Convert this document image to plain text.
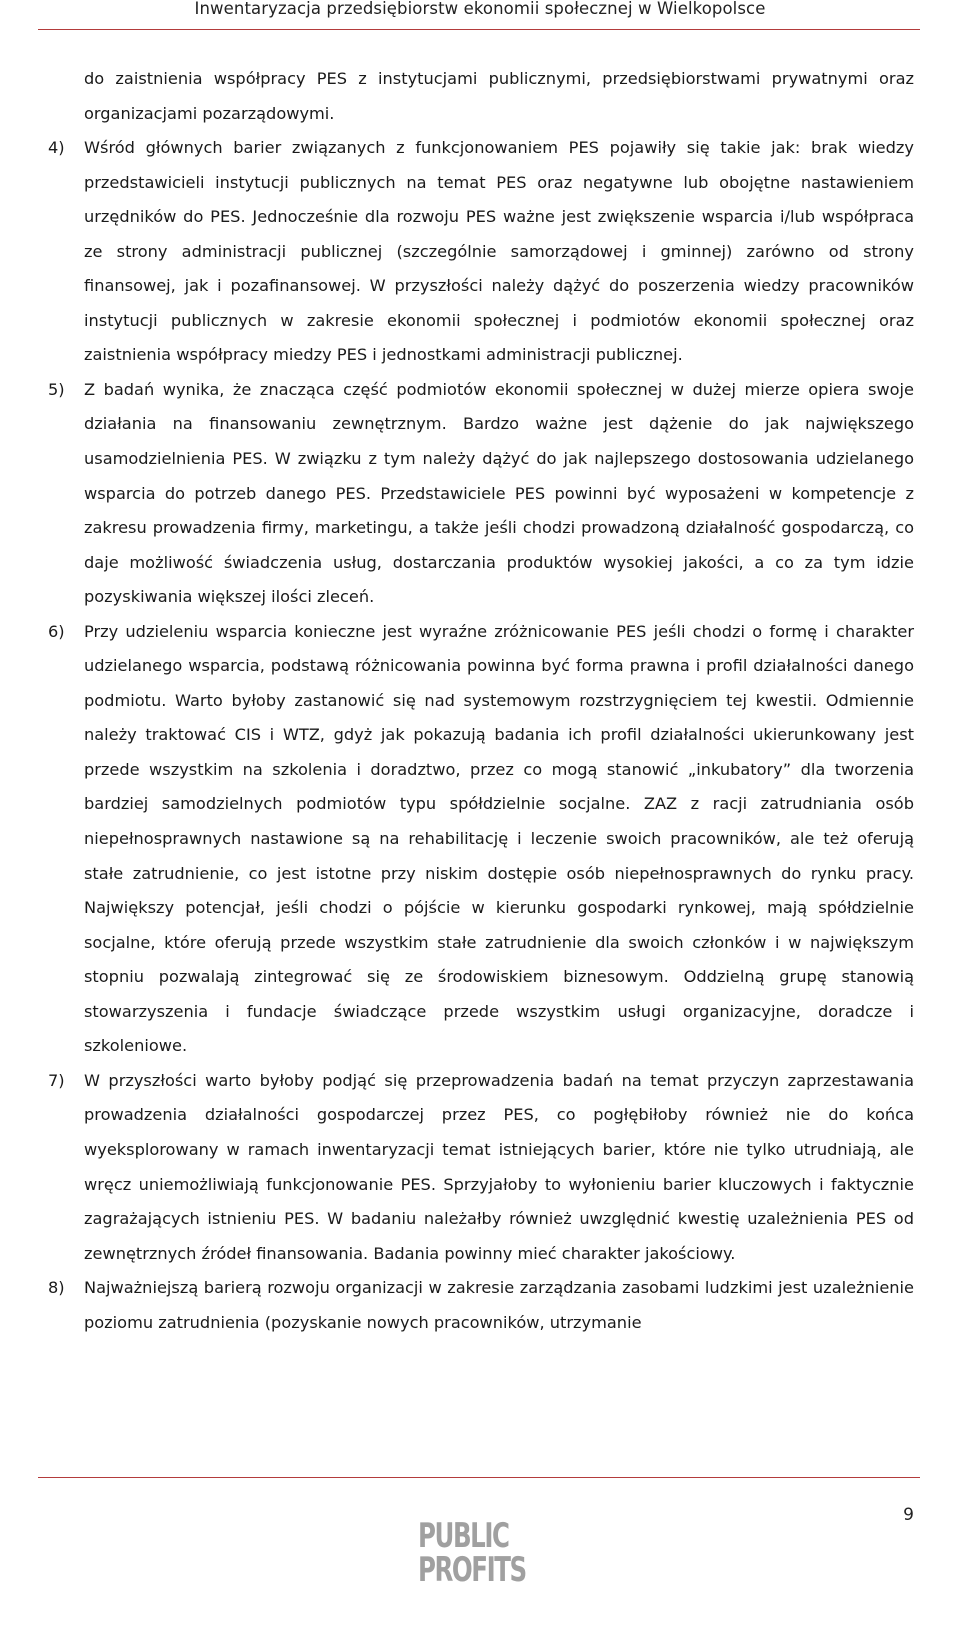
Inwentaryzacja przedsiębiorstw ekonomii społecznej w Wielkopolsce

do zaistnienia współpracy PES z instytucjami publicznymi, przedsiębiorstwami prywatnymi oraz organizacjami pozarządowymi.

4)	Wśród głównych barier związanych z funkcjonowaniem PES pojawiły się takie jak: brak wiedzy przedstawicieli instytucji publicznych na temat PES oraz negatywne lub obojętne nastawieniem urzędników do PES. Jednocześnie dla rozwoju PES ważne jest zwiększenie wsparcia i/lub współpraca ze strony administracji publicznej (szczególnie samorządowej i gminnej) zarówno od strony finansowej, jak i pozafinansowej. W przyszłości należy dążyć do poszerzenia wiedzy pracowników instytucji publicznych w zakresie ekonomii społecznej i podmiotów ekonomii społecznej oraz zaistnienia współpracy miedzy PES i jednostkami administracji publicznej.
5)	Z badań wynika, że znacząca część podmiotów ekonomii społecznej w dużej mierze opiera swoje działania na finansowaniu zewnętrznym. Bardzo ważne jest dążenie do jak największego usamodzielnienia PES. W związku z tym należy dążyć do jak najlepszego dostosowania udzielanego wsparcia do potrzeb danego PES. Przedstawiciele PES powinni być wyposażeni w kompetencje z zakresu prowadzenia firmy, marketingu, a także jeśli chodzi prowadzoną działalność gospodarczą, co daje możliwość świadczenia usług, dostarczania produktów wysokiej jakości, a co za tym idzie pozyskiwania większej ilości zleceń.
6)	Przy udzieleniu wsparcia konieczne jest wyraźne zróżnicowanie PES jeśli chodzi o formę i charakter udzielanego wsparcia, podstawą różnicowania powinna być forma prawna i profil działalności danego podmiotu. Warto byłoby zastanowić się nad systemowym rozstrzygnięciem tej kwestii. Odmiennie należy traktować CIS i WTZ, gdyż jak pokazują badania ich profil działalności ukierunkowany jest przede wszystkim na szkolenia i doradztwo, przez co mogą stanowić „inkubatory” dla tworzenia bardziej samodzielnych podmiotów typu spółdzielnie socjalne. ZAZ z racji zatrudniania osób niepełnosprawnych nastawione są na rehabilitację i leczenie swoich pracowników, ale też oferują stałe zatrudnienie, co jest istotne przy niskim dostępie osób niepełnosprawnych do rynku pracy. Największy potencjał, jeśli chodzi o pójście w kierunku gospodarki rynkowej, mają spółdzielnie socjalne, które oferują przede wszystkim stałe zatrudnienie dla swoich członków i w największym stopniu pozwalają zintegrować się ze środowiskiem biznesowym. Oddzielną grupę stanowią stowarzyszenia i fundacje świadczące przede wszystkim usługi organizacyjne, doradcze i szkoleniowe.
7)	W przyszłości warto byłoby podjąć się przeprowadzenia badań na temat przyczyn zaprzestawania prowadzenia działalności gospodarczej przez PES, co pogłębiłoby również nie do końca wyeksplorowany w ramach inwentaryzacji temat istniejących barier, które nie tylko utrudniają, ale wręcz uniemożliwiają funkcjonowanie PES. Sprzyjałoby to wyłonieniu barier kluczowych i faktycznie zagrażających istnieniu PES. W badaniu należałby również uwzględnić kwestię uzależnienia PES od zewnętrznych źródeł finansowania. Badania powinny mieć charakter jakościowy.
8)	Najważniejszą barierą rozwoju organizacji w zakresie zarządzania zasobami ludzkimi jest uzależnienie poziomu zatrudnienia (pozyskanie nowych pracowników, utrzymanie
9
PUBLIC
PROFITS
